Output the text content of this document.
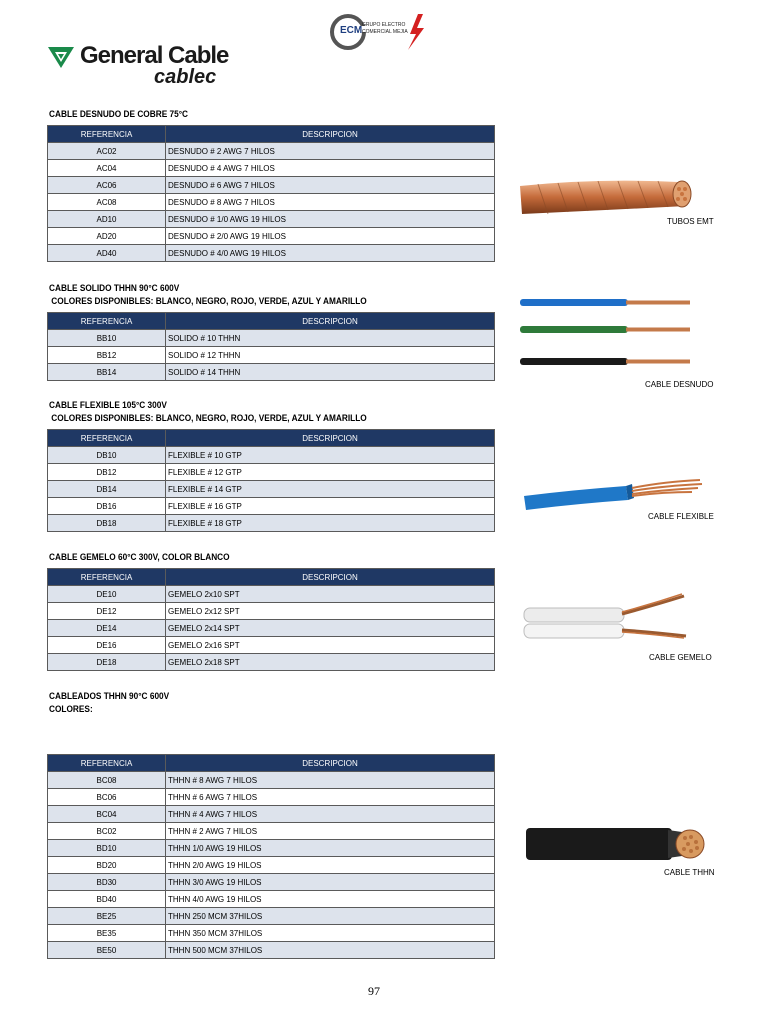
General Cable
cablec
ECM GRUPO ELECTRO
COMERCIAL MEJIA
CABLE DESNUDO DE COBRE 75°C
REFERENCIA	DESCRIPCION
AC02	DESNUDO # 2 AWG 7 HILOS
AC04	DESNUDO # 4 AWG 7 HILOS
AC06	DESNUDO # 6 AWG 7 HILOS
AC08	DESNUDO # 8 AWG 7 HILOS
AD10	DESNUDO # 1/0 AWG 19 HILOS
AD20	DESNUDO # 2/0 AWG 19 HILOS
AD40	DESNUDO # 4/0 AWG 19 HILOS
CABLE SOLIDO THHN 90°C 600V
COLORES DISPONIBLES: BLANCO, NEGRO, ROJO, VERDE, AZUL Y AMARILLO
REFERENCIA	DESCRIPCION
BB10	SOLIDO # 10 THHN
BB12	SOLIDO # 12 THHN
BB14	SOLIDO # 14 THHN
CABLE FLEXIBLE 105°C 300V
COLORES DISPONIBLES: BLANCO, NEGRO, ROJO, VERDE, AZUL Y AMARILLO
REFERENCIA	DESCRIPCION
DB10	FLEXIBLE # 10 GTP
DB12	FLEXIBLE # 12 GTP
DB14	FLEXIBLE # 14 GTP
DB16	FLEXIBLE # 16 GTP
DB18	FLEXIBLE # 18 GTP
CABLE GEMELO 60°C 300V, COLOR BLANCO
REFERENCIA	DESCRIPCION
DE10	GEMELO 2x10 SPT
DE12	GEMELO 2x12 SPT
DE14	GEMELO 2x14 SPT
DE16	GEMELO 2x16 SPT
DE18	GEMELO 2x18 SPT
CABLEADOS THHN 90°C 600V
COLORES:
REFERENCIA	DESCRIPCION
BC08	THHN # 8 AWG 7 HILOS
BC06	THHN # 6 AWG 7 HILOS
BC04	THHN # 4 AWG 7 HILOS
BC02	THHN # 2 AWG 7 HILOS
BD10	THHN 1/0 AWG 19 HILOS
BD20	THHN 2/0 AWG 19 HILOS
BD30	THHN 3/0 AWG 19 HILOS
BD40	THHN 4/0 AWG 19 HILOS
BE25	THHN 250 MCM 37HILOS
BE35	THHN 350 MCM 37HILOS
BE50	THHN 500 MCM 37HILOS
TUBOS EMT
CABLE DESNUDO
CABLE FLEXIBLE
CABLE GEMELO
CABLE THHN
97
